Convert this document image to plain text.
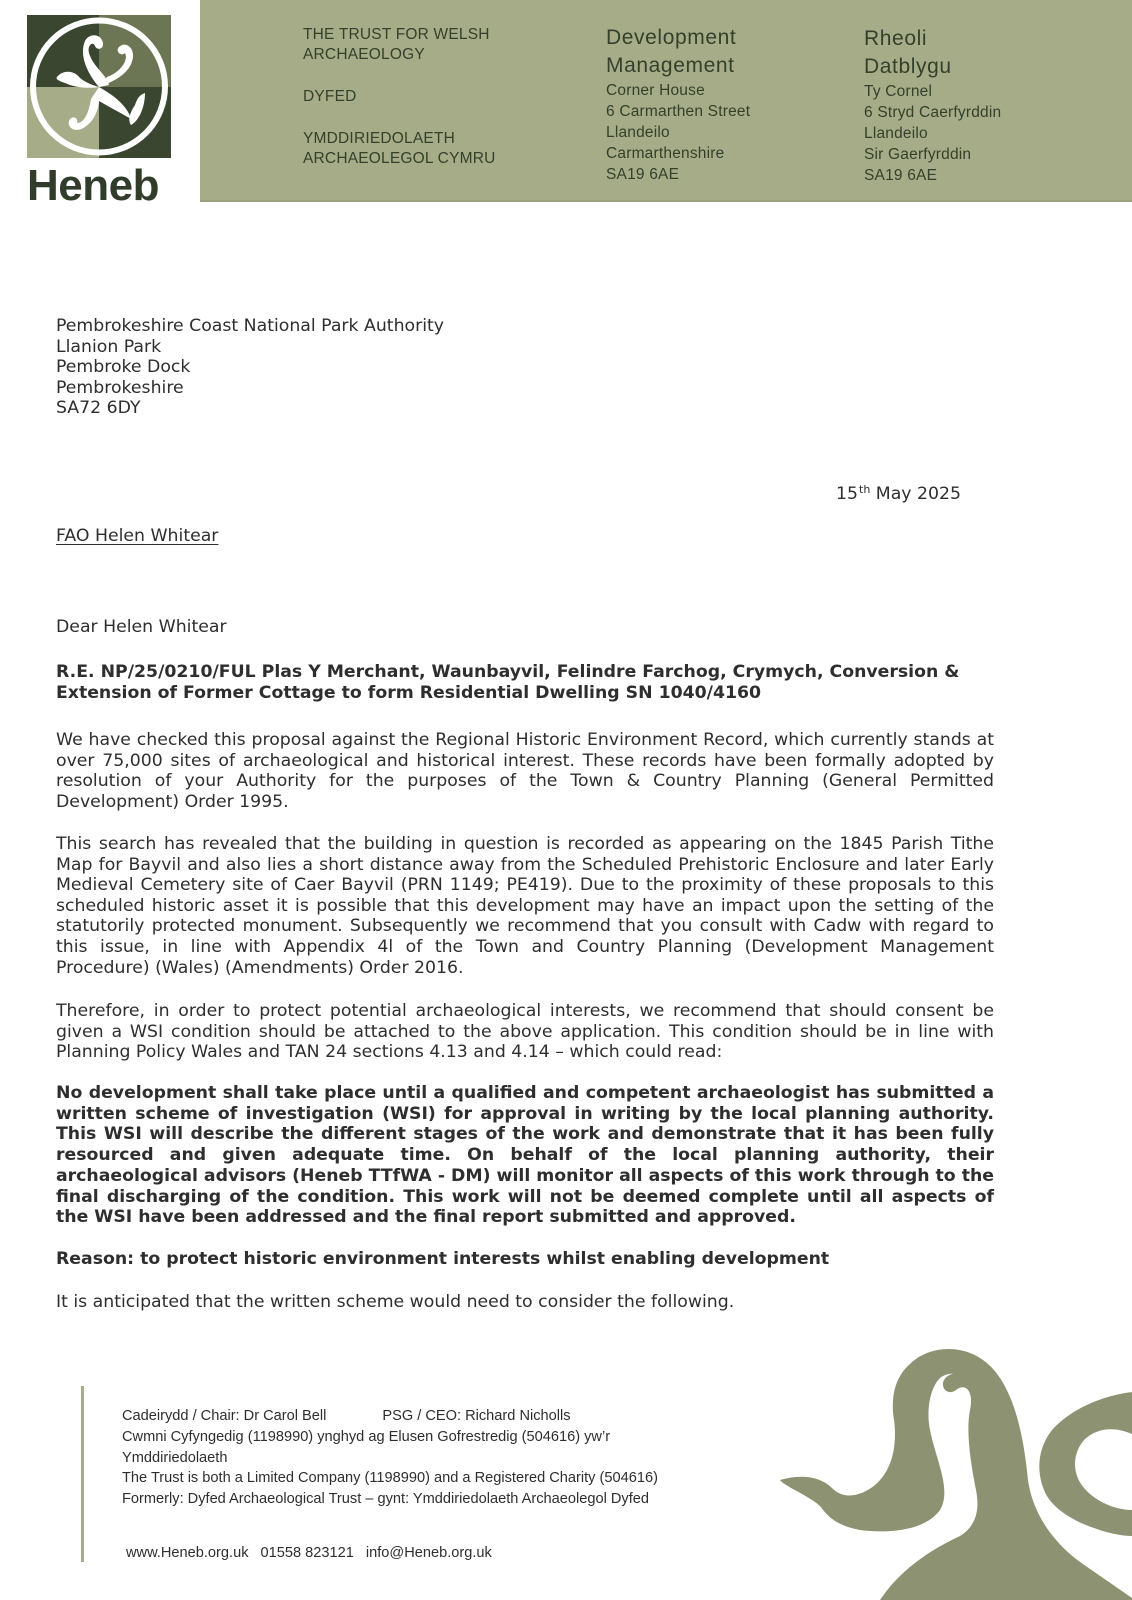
Heneb
THE TRUST FOR WELSH
ARCHAEOLOGY
DYFED
YMDDIRIEDOLAETH
ARCHAEOLEGOL CYMRU
Development
Management
Corner House
6 Carmarthen Street
Llandeilo
Carmarthenshire
SA19 6AE
Rheoli
Datblygu
Ty Cornel
6 Stryd Caerfyrddin
Llandeilo
Sir Gaerfyrddin
SA19 6AE
Pembrokeshire Coast National Park Authority
Llanion Park
Pembroke Dock
Pembrokeshire
SA72 6DY
15th May 2025
FAO Helen Whitear
Dear Helen Whitear
R.E. NP/25/0210/FUL Plas Y Merchant, Waunbayvil, Felindre Farchog, Crymych, Conversion & Extension of Former Cottage to form Residential Dwelling SN 1040/4160
We have checked this proposal against the Regional Historic Environment Record, which currently stands at over 75,000 sites of archaeological and historical interest. These records have been formally adopted by resolution of your Authority for the purposes of the Town & Country Planning (General Permitted Development) Order 1995.
This search has revealed that the building in question is recorded as appearing on the 1845 Parish Tithe Map for Bayvil and also lies a short distance away from the Scheduled Prehistoric Enclosure and later Early Medieval Cemetery site of Caer Bayvil (PRN 1149; PE419). Due to the proximity of these proposals to this scheduled historic asset it is possible that this development may have an impact upon the setting of the statutorily protected monument. Subsequently we recommend that you consult with Cadw with regard to this issue, in line with Appendix 4l of the Town and Country Planning (Development Management Procedure) (Wales) (Amendments) Order 2016.
Therefore, in order to protect potential archaeological interests, we recommend that should consent be given a WSI condition should be attached to the above application. This condition should be in line with Planning Policy Wales and TAN 24 sections 4.13 and 4.14 – which could read:
No development shall take place until a qualified and competent archaeologist has submitted a written scheme of investigation (WSI) for approval in writing by the local planning authority. This WSI will describe the different stages of the work and demonstrate that it has been fully resourced and given adequate time. On behalf of the local planning authority, their archaeological advisors (Heneb TTfWA - DM) will monitor all aspects of this work through to the final discharging of the condition. This work will not be deemed complete until all aspects of the WSI have been addressed and the final report submitted and approved.
Reason: to protect historic environment interests whilst enabling development
It is anticipated that the written scheme would need to consider the following.
Cadeirydd / Chair: Dr Carol Bell	PSG / CEO: Richard Nicholls
Cwmni Cyfyngedig (1198990) ynghyd ag Elusen Gofrestredig (504616) yw’r
Ymddiriedolaeth
The Trust is both a Limited Company (1198990) and a Registered Charity (504616)
Formerly: Dyfed Archaeological Trust – gynt: Ymddiriedolaeth Archaeolegol Dyfed
www.Heneb.org.uk 01558 823121 info@Heneb.org.uk
